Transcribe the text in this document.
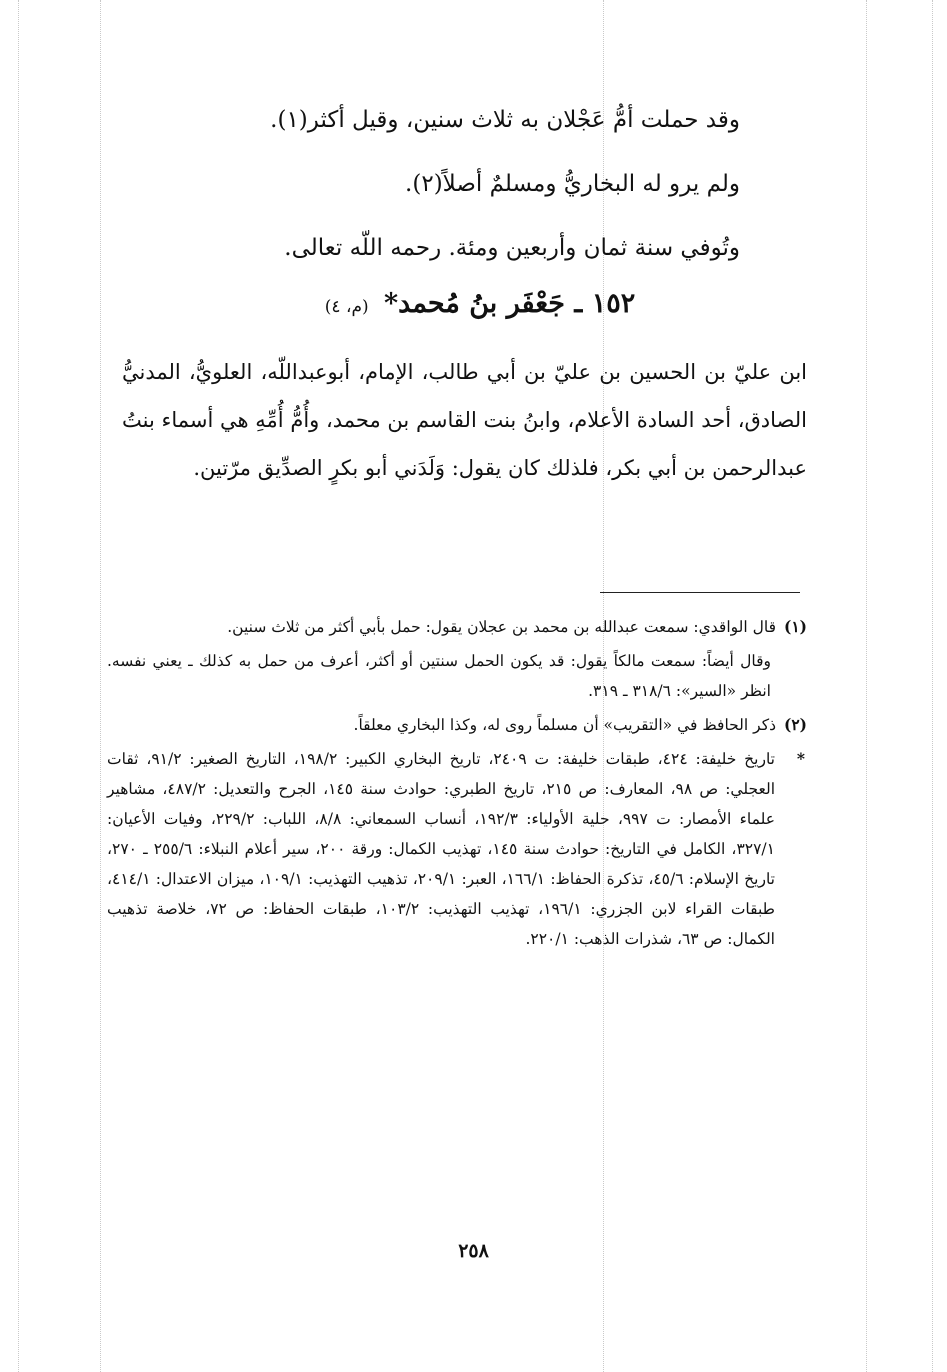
وقد حملت أمُّ عَجْلان به ثلاث سنين، وقيل أكثر(١).

ولم يرو له البخاريُّ ومسلمٌ أصلاً(٢).

وتُوفي سنة ثمان وأربعين ومئة. رحمه اللّه تعالى.

١٥٢ ـ جَعْفَر بنُ مُحمد* (م، ٤)

ابن عليّ بن الحسين بن عليّ بن أبي طالب، الإمام، أبوعبداللّه، العلويُّ، المدنيُّ الصادق، أحد السادة الأعلام، وابنُ بنت القاسم بن محمد، وأُمُّ أُمِّهِ هي أسماء بنتُ عبدالرحمن بن أبي بكر، فلذلك كان يقول: وَلَدَني أبو بكرٍ الصدِّيق مرّتين.

(١)قال الواقدي: سمعت عبدالله بن محمد بن عجلان يقول: حمل بأبي أكثر من ثلاث سنين.

وقال أيضاً: سمعت مالكاً يقول: قد يكون الحمل سنتين أو أكثر، أعرف من حمل به كذلك ـ يعني نفسه. انظر «السير»: ٣١٨/٦ ـ ٣١٩.

(٢)ذكر الحافظ في «التقريب» أن مسلماً روى له، وكذا البخاري معلقاً.

*
تاريخ خليفة: ٤٢٤، طبقات خليفة: ت ٢٤٠٩، تاريخ البخاري الكبير: ١٩٨/٢، التاريخ الصغير: ٩١/٢، ثقات العجلي: ص ٩٨، المعارف: ص ٢١٥، تاريخ الطبري: حوادث سنة ١٤٥، الجرح والتعديل: ٤٨٧/٢، مشاهير علماء الأمصار: ت ٩٩٧، حلية الأولياء: ١٩٢/٣، أنساب السمعاني: ٨/٨، اللباب: ٢٢٩/٢، وفيات الأعيان: ٣٢٧/١، الكامل في التاريخ: حوادث سنة ١٤٥، تهذيب الكمال: ورقة ٢٠٠، سير أعلام النبلاء: ٢٥٥/٦ ـ ٢٧٠، تاريخ الإسلام: ٤٥/٦، تذكرة الحفاظ: ١٦٦/١، العبر: ٢٠٩/١، تذهيب التهذيب: ١٠٩/١، ميزان الاعتدال: ٤١٤/١، طبقات القراء لابن الجزري: ١٩٦/١، تهذيب التهذيب: ١٠٣/٢، طبقات الحفاظ: ص ٧٢، خلاصة تذهيب الكمال: ص ٦٣، شذرات الذهب: ٢٢٠/١.

٢٥٨
